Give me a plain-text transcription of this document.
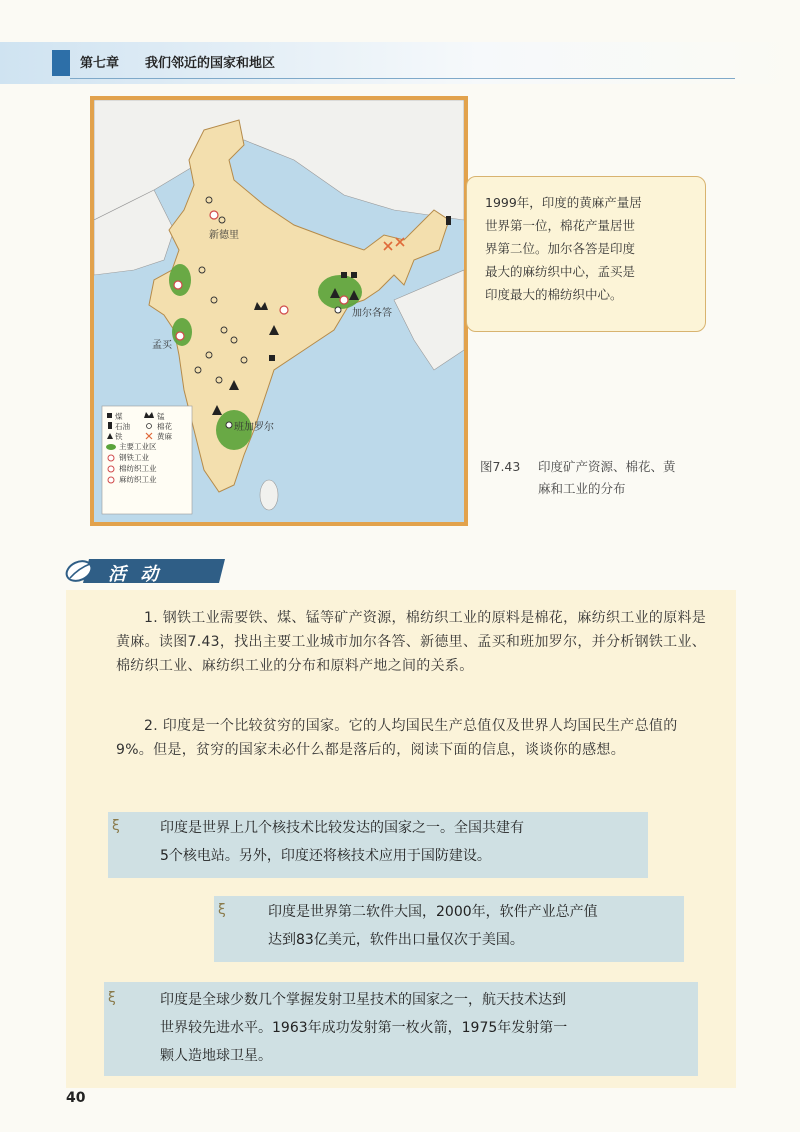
第七章 我们邻近的国家和地区
新德里
孟买
加尔各答
班加罗尔
煤	锰
石油	棉花
铁	黄麻
主要工业区
钢铁工业
棉纺织工业
麻纺织工业
1999年，印度的黄麻产量居
世界第一位，棉花产量居世
界第二位。加尔各答是印度
最大的麻纺织中心，孟买是
印度最大的棉纺织中心。
图7.43 印度矿产资源、棉花、黄
麻和工业的分布
活 动
1. 钢铁工业需要铁、煤、锰等矿产资源，棉纺织工业的原料是棉花，麻纺织工业的原料是黄麻。读图7.43，找出主要工业城市加尔各答、新德里、孟买和班加罗尔，并分析钢铁工业、棉纺织工业、麻纺织工业的分布和原料产地之间的关系。
2. 印度是一个比较贫穷的国家。它的人均国民生产总值仅及世界人均国民生产总值的9%。但是，贫穷的国家未必什么都是落后的，阅读下面的信息，谈谈你的感想。
ξ	印度是世界上几个核技术比较发达的国家之一。全国共建有
5个核电站。另外，印度还将核技术应用于国防建设。
ξ	印度是世界第二软件大国，2000年，软件产业总产值
达到83亿美元，软件出口量仅次于美国。
ξ	印度是全球少数几个掌握发射卫星技术的国家之一，航天技术达到
世界较先进水平。1963年成功发射第一枚火箭，1975年发射第一
颗人造地球卫星。
40
